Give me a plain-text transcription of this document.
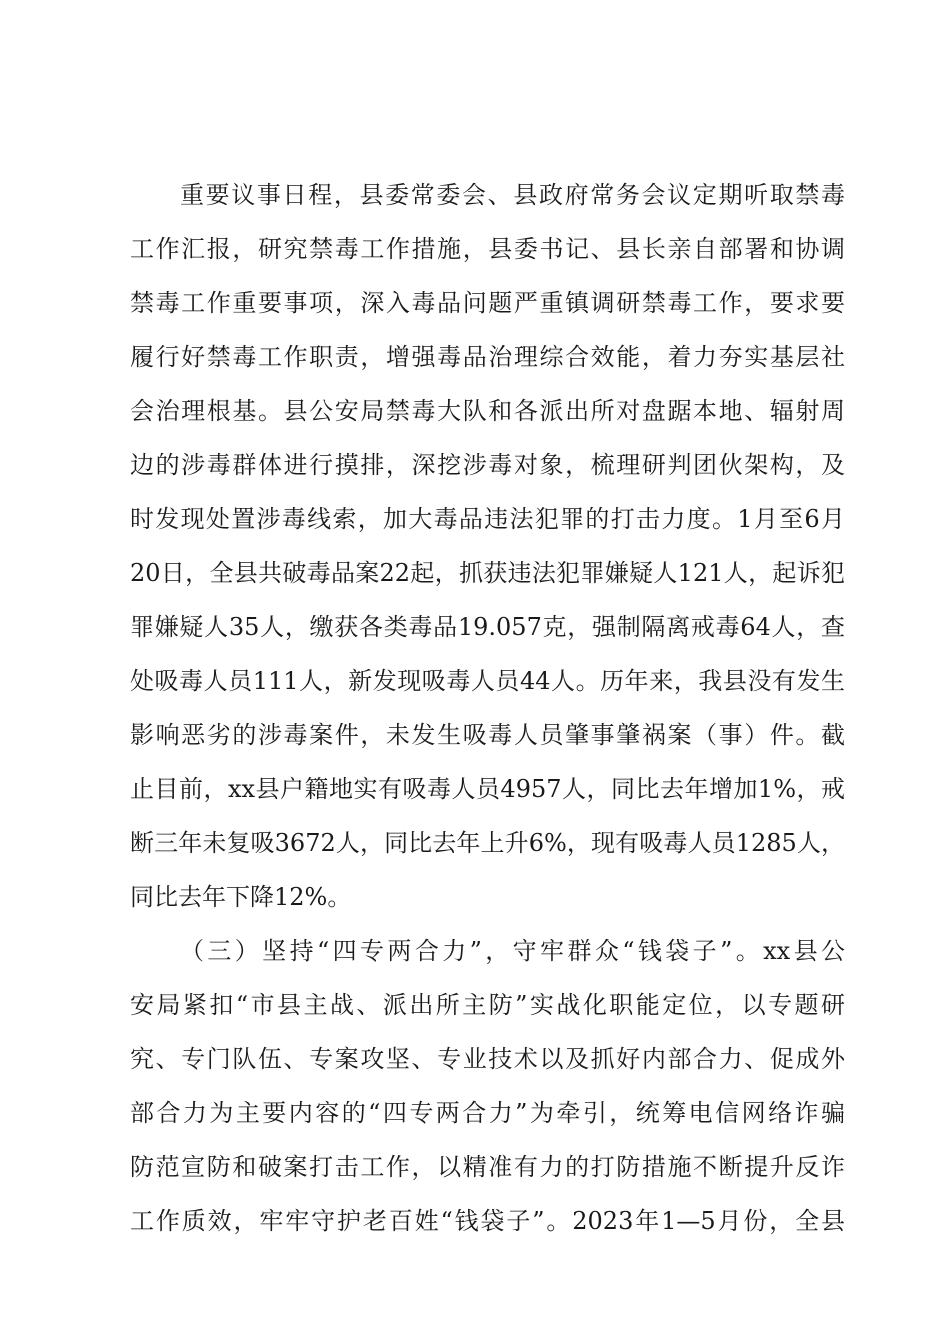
重要议事日程，县委常委会、县政府常务会议定期听取禁毒
工作汇报，研究禁毒工作措施，县委书记、县长亲自部署和协调
禁毒工作重要事项，深入毒品问题严重镇调研禁毒工作，要求要
履行好禁毒工作职责，增强毒品治理综合效能，着力夯实基层社
会治理根基。县公安局禁毒大队和各派出所对盘踞本地、辐射周
边的涉毒群体进行摸排，深挖涉毒对象，梳理研判团伙架构，及
时发现处置涉毒线索，加大毒品违法犯罪的打击力度。1月至6月
20日，全县共破毒品案22起，抓获违法犯罪嫌疑人121人，起诉犯
罪嫌疑人35人，缴获各类毒品19.057克，强制隔离戒毒64人，查
处吸毒人员111人，新发现吸毒人员44人。历年来，我县没有发生
影响恶劣的涉毒案件，未发生吸毒人员肇事肇祸案（事）件。截
止目前，xx县户籍地实有吸毒人员4957人，同比去年增加1%，戒
断三年未复吸3672人，同比去年上升6%，现有吸毒人员1285人，
同比去年下降12%。
（三）坚持“四专两合力”，守牢群众“钱袋子”。xx县公
安局紧扣“市县主战、派出所主防”实战化职能定位，以专题研
究、专门队伍、专案攻坚、专业技术以及抓好内部合力、促成外
部合力为主要内容的“四专两合力”为牵引，统筹电信网络诈骗
防范宣防和破案打击工作，以精准有力的打防措施不断提升反诈
工作质效，牢牢守护老百姓“钱袋子”。2023年1—5月份，全县
